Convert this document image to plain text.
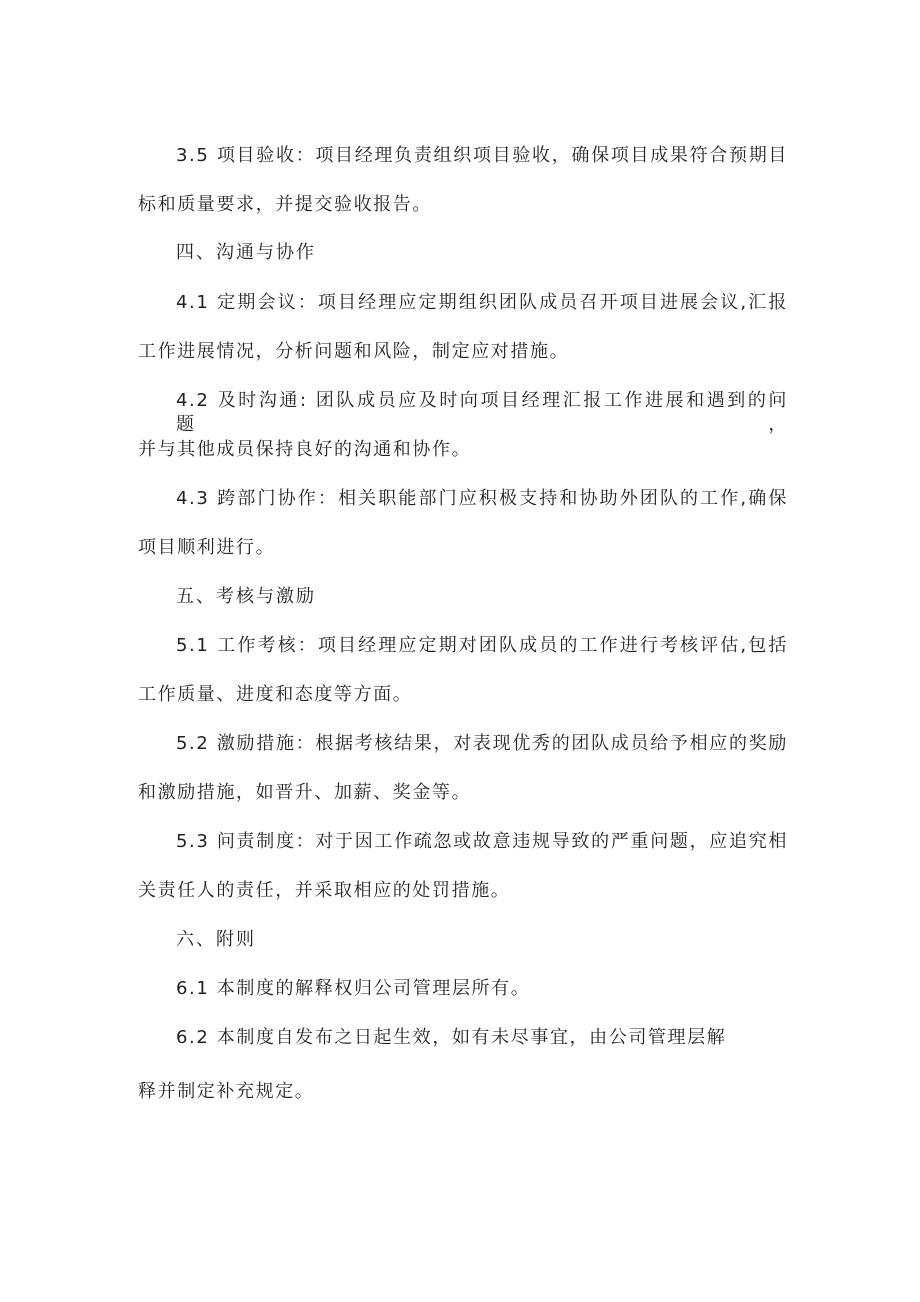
3.5 项目验收：项目经理负责组织项目验收，确保项目成果符合预期目
标和质量要求，并提交验收报告。
四、沟通与协作
4.1 定期会议：项目经理应定期组织团队成员召开项目进展会议,汇报
工作进展情况，分析问题和风险，制定应对措施。
4.2 及时沟通: 团队成员应及时向项目经理汇报工作进展和遇到的问题，
并与其他成员保持良好的沟通和协作。
4.3 跨部门协作：相关职能部门应积极支持和协助外团队的工作,确保
项目顺利进行。
五、考核与激励
5.1 工作考核：项目经理应定期对团队成员的工作进行考核评估,包括
工作质量、进度和态度等方面。
5.2 激励措施：根据考核结果，对表现优秀的团队成员给予相应的奖励
和激励措施，如晋升、加薪、奖金等。
5.3 问责制度：对于因工作疏忽或故意违规导致的严重问题，应追究相
关责任人的责任，并采取相应的处罚措施。
六、附则
6.1 本制度的解释权归公司管理层所有。
6.2 本制度自发布之日起生效，如有未尽事宜，由公司管理层解
释并制定补充规定。
